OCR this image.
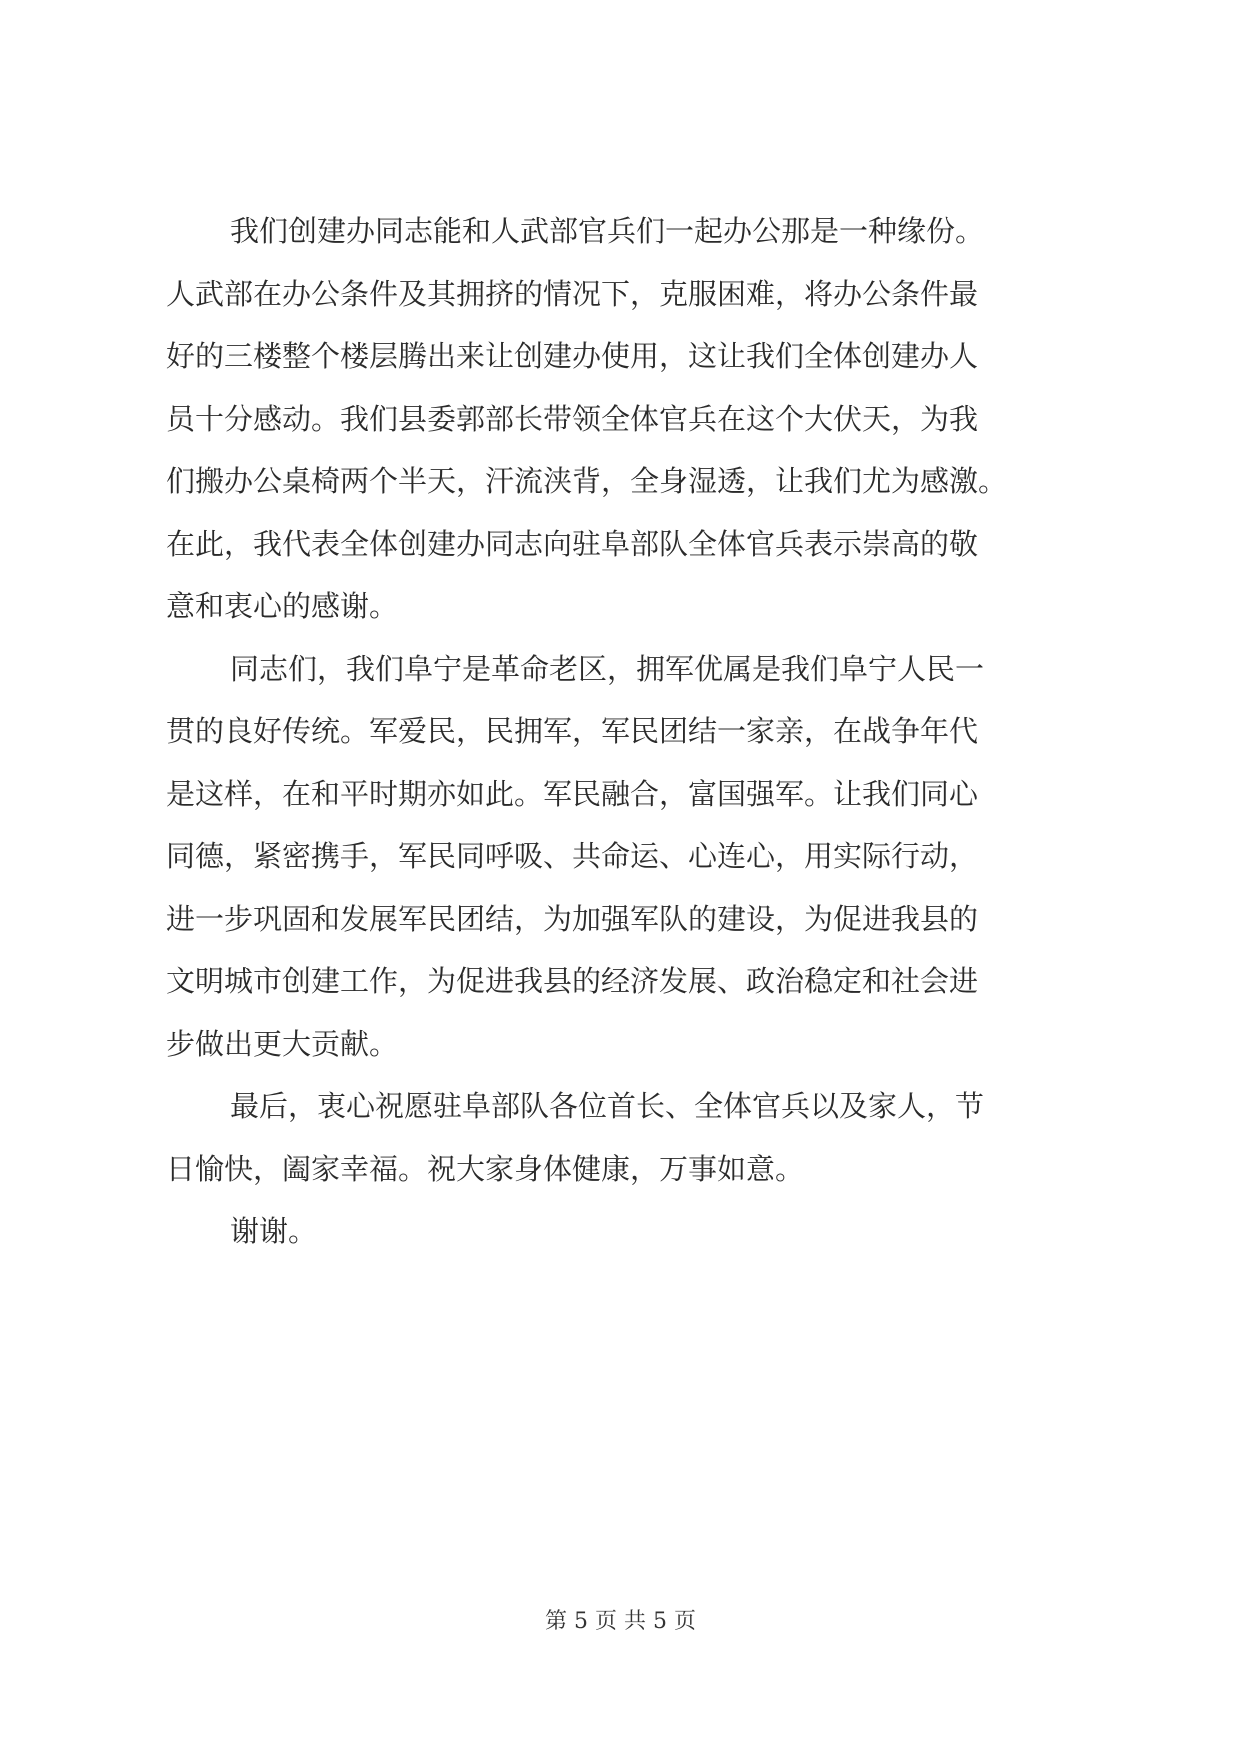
我们创建办同志能和人武部官兵们一起办公那是一种缘份。
人武部在办公条件及其拥挤的情况下，克服困难，将办公条件最
好的三楼整个楼层腾出来让创建办使用，这让我们全体创建办人
员十分感动。我们县委郭部长带领全体官兵在这个大伏天，为我
们搬办公桌椅两个半天，汗流浃背，全身湿透，让我们尤为感激。
在此，我代表全体创建办同志向驻阜部队全体官兵表示崇高的敬
意和衷心的感谢。
同志们，我们阜宁是革命老区，拥军优属是我们阜宁人民一
贯的良好传统。军爱民，民拥军，军民团结一家亲，在战争年代
是这样，在和平时期亦如此。军民融合，富国强军。让我们同心
同德，紧密携手，军民同呼吸、共命运、心连心，用实际行动，
进一步巩固和发展军民团结，为加强军队的建设，为促进我县的
文明城市创建工作，为促进我县的经济发展、政治稳定和社会进
步做出更大贡献。
最后，衷心祝愿驻阜部队各位首长、全体官兵以及家人，节
日愉快，阖家幸福。祝大家身体健康，万事如意。
谢谢。
第 5 页 共 5 页
